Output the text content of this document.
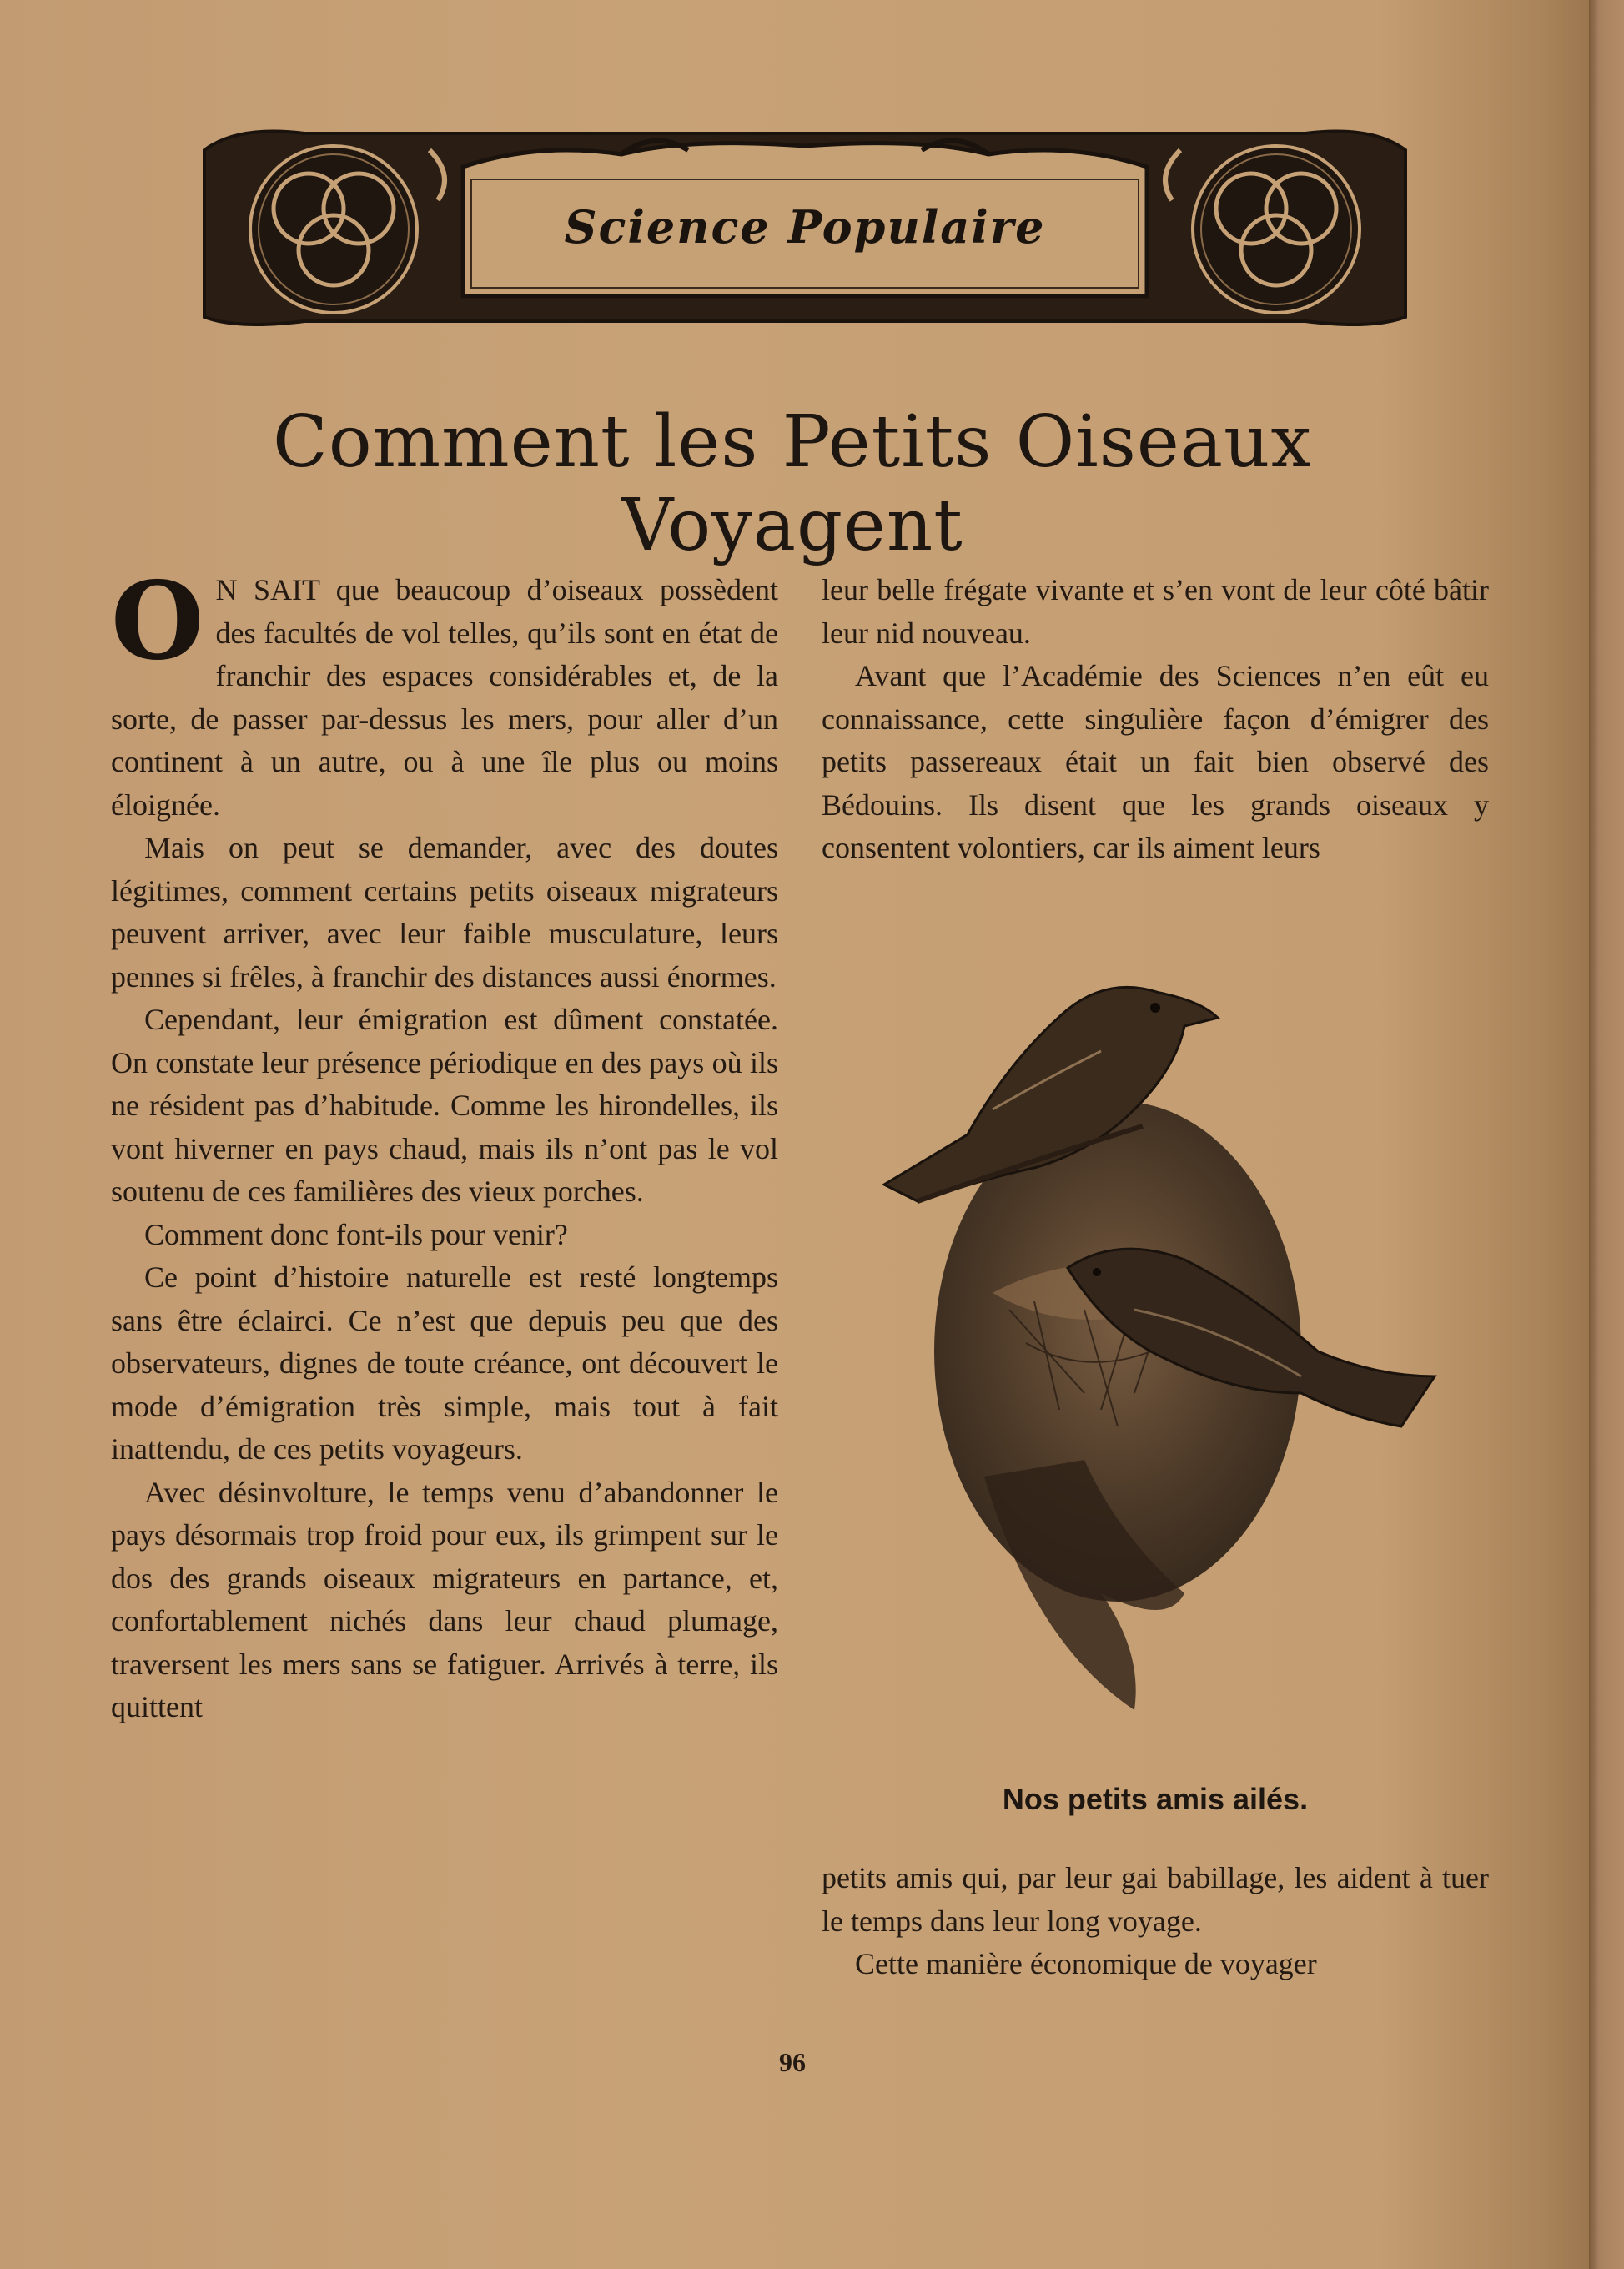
Science Populaire
Comment les Petits Oiseaux Voyagent

O N SAIT que beaucoup d’oiseaux possèdent des facultés de vol telles, qu’ils sont en état de franchir des espaces considérables et, de la sorte, de passer par-dessus les mers, pour aller d’un continent à un autre, ou à une île plus ou moins éloignée.

Mais on peut se demander, avec des doutes légitimes, comment certains petits oiseaux migrateurs peuvent arriver, avec leur faible musculature, leurs pennes si frêles, à franchir des distances aussi énormes.

Cependant, leur émigration est dûment constatée. On constate leur présence périodique en des pays où ils ne résident pas d’habitude. Comme les hirondelles, ils vont hiverner en pays chaud, mais ils n’ont pas le vol soutenu de ces familières des vieux porches.

Comment donc font-ils pour venir?

Ce point d’histoire naturelle est resté longtemps sans être éclairci. Ce n’est que depuis peu que des observateurs, dignes de toute créance, ont découvert le mode d’émigration très simple, mais tout à fait inattendu, de ces petits voyageurs.

Avec désinvolture, le temps venu d’abandonner le pays désormais trop froid pour eux, ils grimpent sur le dos des grands oiseaux migrateurs en partance, et, confortablement nichés dans leur chaud plumage, traversent les mers sans se fatiguer. Arrivés à terre, ils quittent

leur belle frégate vivante et s’en vont de leur côté bâtir leur nid nouveau.

Avant que l’Académie des Sciences n’en eût eu connaissance, cette singulière façon d’émigrer des petits passereaux était un fait bien observé des Bédouins. Ils disent que les grands oiseaux y consentent volontiers, car ils aiment leurs

Nos petits amis ailés.

petits amis qui, par leur gai babillage, les aident à tuer le temps dans leur long voyage.

Cette manière économique de voyager

96
